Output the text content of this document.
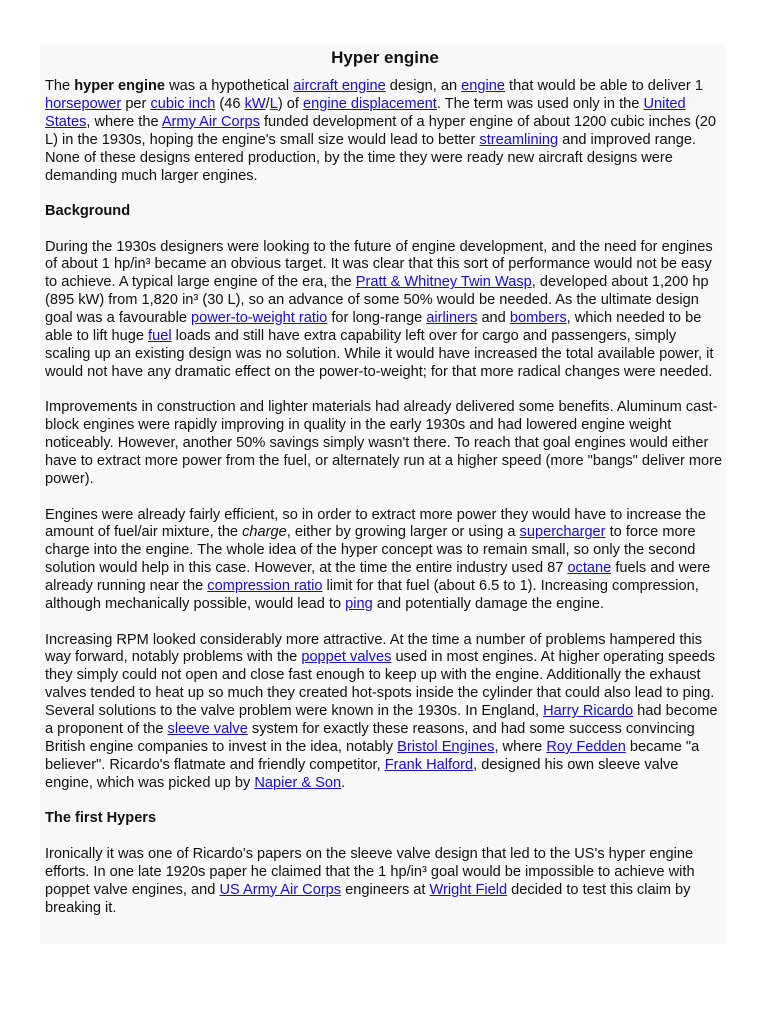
Hyper engine

The hyper engine was a hypothetical aircraft engine design, an engine that would be able to deliver 1 horsepower per cubic inch (46 kW/L) of engine displacement. The term was used only in the United States, where the Army Air Corps funded development of a hyper engine of about 1200 cubic inches (20 L) in the 1930s, hoping the engine's small size would lead to better streamlining and improved range. None of these designs entered production, by the time they were ready new aircraft designs were demanding much larger engines.

Background

During the 1930s designers were looking to the future of engine development, and the need for engines of about 1 hp/in³ became an obvious target. It was clear that this sort of performance would not be easy to achieve. A typical large engine of the era, the Pratt & Whitney Twin Wasp, developed about 1,200 hp (895 kW) from 1,820 in³ (30 L), so an advance of some 50% would be needed. As the ultimate design goal was a favourable power-to-weight ratio for long-range airliners and bombers, which needed to be able to lift huge fuel loads and still have extra capability left over for cargo and passengers, simply scaling up an existing design was no solution. While it would have increased the total available power, it would not have any dramatic effect on the power-to-weight; for that more radical changes were needed.

Improvements in construction and lighter materials had already delivered some benefits. Aluminum cast-block engines were rapidly improving in quality in the early 1930s and had lowered engine weight noticeably. However, another 50% savings simply wasn't there. To reach that goal engines would either have to extract more power from the fuel, or alternately run at a higher speed (more "bangs" deliver more power).

Engines were already fairly efficient, so in order to extract more power they would have to increase the amount of fuel/air mixture, the charge, either by growing larger or using a supercharger to force more charge into the engine. The whole idea of the hyper concept was to remain small, so only the second solution would help in this case. However, at the time the entire industry used 87 octane fuels and were already running near the compression ratio limit for that fuel (about 6.5 to 1). Increasing compression, although mechanically possible, would lead to ping and potentially damage the engine.

Increasing RPM looked considerably more attractive. At the time a number of problems hampered this way forward, notably problems with the poppet valves used in most engines. At higher operating speeds they simply could not open and close fast enough to keep up with the engine. Additionally the exhaust valves tended to heat up so much they created hot-spots inside the cylinder that could also lead to ping. Several solutions to the valve problem were known in the 1930s. In England, Harry Ricardo had become a proponent of the sleeve valve system for exactly these reasons, and had some success convincing British engine companies to invest in the idea, notably Bristol Engines, where Roy Fedden became "a believer". Ricardo's flatmate and friendly competitor, Frank Halford, designed his own sleeve valve engine, which was picked up by Napier & Son.

The first Hypers

Ironically it was one of Ricardo's papers on the sleeve valve design that led to the US's hyper engine efforts. In one late 1920s paper he claimed that the 1 hp/in³ goal would be impossible to achieve with poppet valve engines, and US Army Air Corps engineers at Wright Field decided to test this claim by breaking it.
